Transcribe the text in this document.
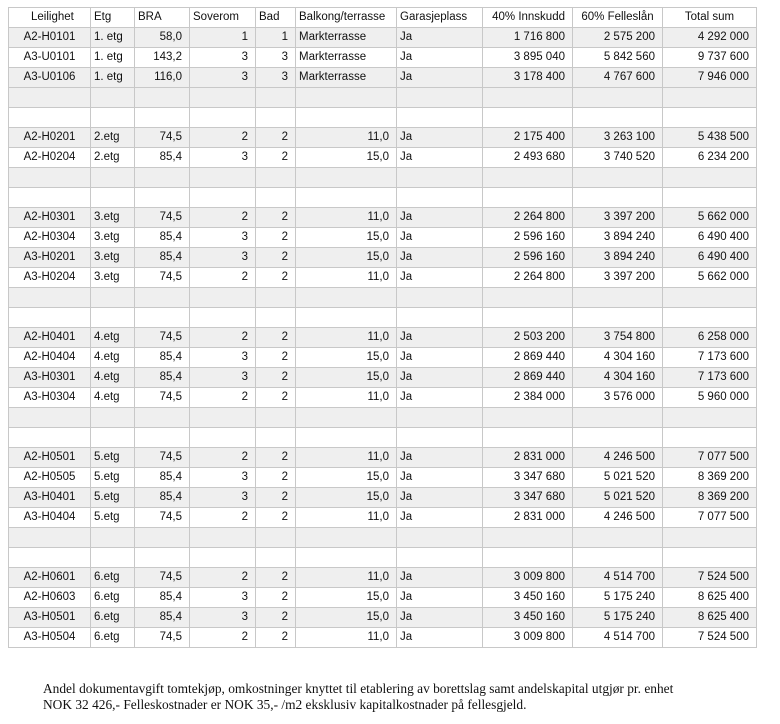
Leilighet	Etg	BRA	Soverom	Bad	Balkong/terrasse	Garasjeplass	40% Innskudd	60% Felleslån	Total sum
A2-H0101	1. etg	58,0	1	1	Markterrasse	Ja	1 716 800	2 575 200	4 292 000
A3-U0101	1. etg	143,2	3	3	Markterrasse	Ja	3 895 040	5 842 560	9 737 600
A3-U0106	1. etg	116,0	3	3	Markterrasse	Ja	3 178 400	4 767 600	7 946 000

A2-H0201	2.etg	74,5	2	2	11,0	Ja	2 175 400	3 263 100	5 438 500
A2-H0204	2.etg	85,4	3	2	15,0	Ja	2 493 680	3 740 520	6 234 200

A2-H0301	3.etg	74,5	2	2	11,0	Ja	2 264 800	3 397 200	5 662 000
A2-H0304	3.etg	85,4	3	2	15,0	Ja	2 596 160	3 894 240	6 490 400
A3-H0201	3.etg	85,4	3	2	15,0	Ja	2 596 160	3 894 240	6 490 400
A3-H0204	3.etg	74,5	2	2	11,0	Ja	2 264 800	3 397 200	5 662 000

A2-H0401	4.etg	74,5	2	2	11,0	Ja	2 503 200	3 754 800	6 258 000
A2-H0404	4.etg	85,4	3	2	15,0	Ja	2 869 440	4 304 160	7 173 600
A3-H0301	4.etg	85,4	3	2	15,0	Ja	2 869 440	4 304 160	7 173 600
A3-H0304	4.etg	74,5	2	2	11,0	Ja	2 384 000	3 576 000	5 960 000

A2-H0501	5.etg	74,5	2	2	11,0	Ja	2 831 000	4 246 500	7 077 500
A2-H0505	5.etg	85,4	3	2	15,0	Ja	3 347 680	5 021 520	8 369 200
A3-H0401	5.etg	85,4	3	2	15,0	Ja	3 347 680	5 021 520	8 369 200
A3-H0404	5.etg	74,5	2	2	11,0	Ja	2 831 000	4 246 500	7 077 500

A2-H0601	6.etg	74,5	2	2	11,0	Ja	3 009 800	4 514 700	7 524 500
A2-H0603	6.etg	85,4	3	2	15,0	Ja	3 450 160	5 175 240	8 625 400
A3-H0501	6.etg	85,4	3	2	15,0	Ja	3 450 160	5 175 240	8 625 400
A3-H0504	6.etg	74,5	2	2	11,0	Ja	3 009 800	4 514 700	7 524 500
Andel dokumentavgift tomtekjøp, omkostninger knyttet til etablering av borettslag samt andelskapital utgjør pr. enhet
NOK 32 426,- Felleskostnader er NOK 35,- /m2 eksklusiv kapitalkostnader på fellesgjeld.
